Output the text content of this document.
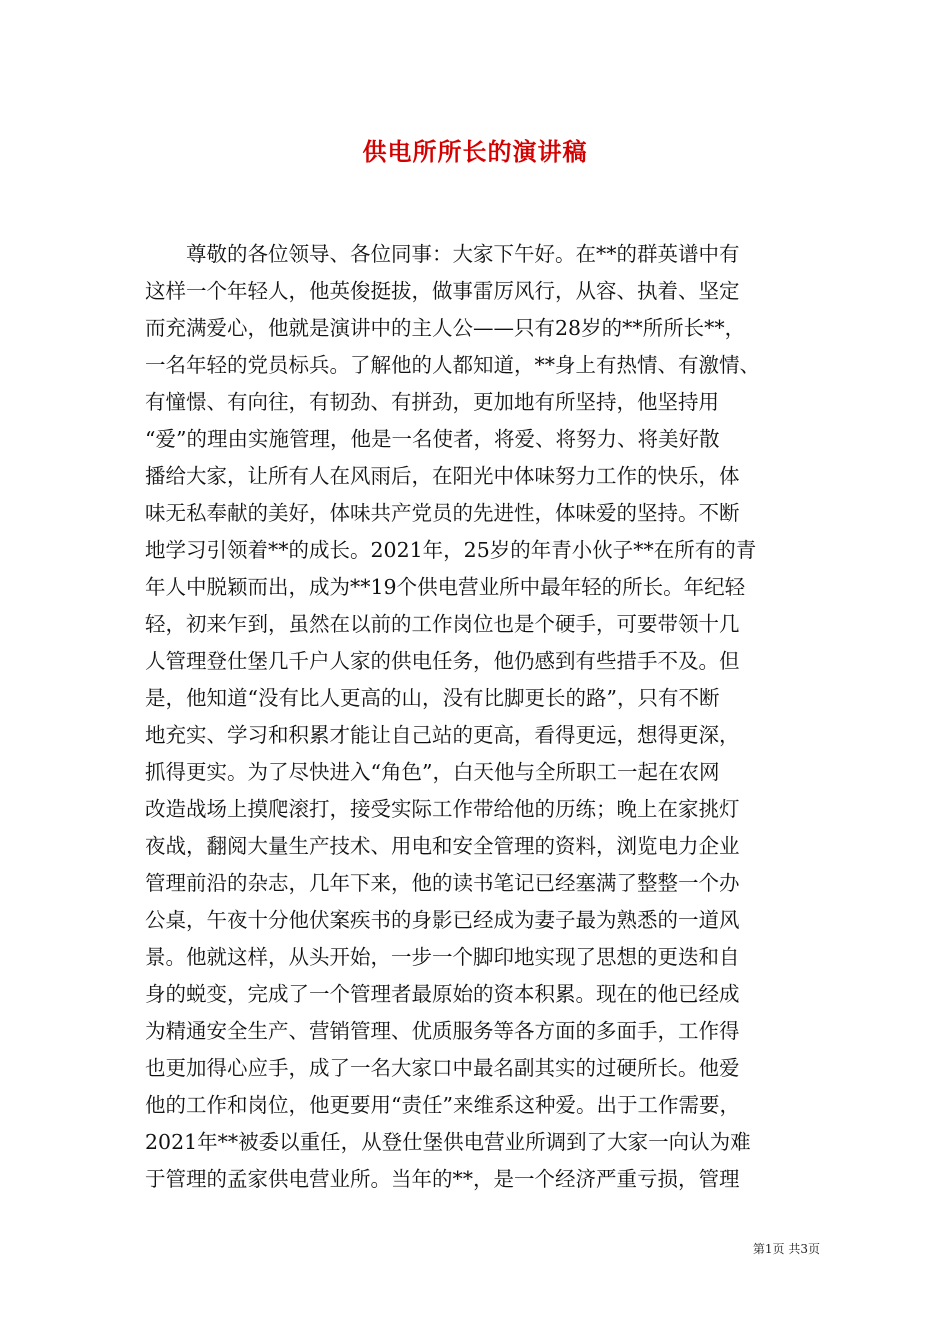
供电所所长的演讲稿
　　尊敬的各位领导、各位同事：大家下午好。在**的群英谱中有
这样一个年轻人，他英俊挺拔，做事雷厉风行，从容、执着、坚定
而充满爱心，他就是演讲中的主人公——只有28岁的**所所长**，
一名年轻的党员标兵。了解他的人都知道，**身上有热情、有激情、
有憧憬、有向往，有韧劲、有拼劲，更加地有所坚持，他坚持用
“爱”的理由实施管理，他是一名使者，将爱、将努力、将美好散
播给大家，让所有人在风雨后，在阳光中体味努力工作的快乐，体
味无私奉献的美好，体味共产党员的先进性，体味爱的坚持。不断
地学习引领着**的成长。2021年，25岁的年青小伙子**在所有的青
年人中脱颖而出，成为**19个供电营业所中最年轻的所长。年纪轻
轻，初来乍到，虽然在以前的工作岗位也是个硬手，可要带领十几
人管理登仕堡几千户人家的供电任务，他仍感到有些措手不及。但
是，他知道“没有比人更高的山，没有比脚更长的路”，只有不断
地充实、学习和积累才能让自己站的更高，看得更远，想得更深，
抓得更实。为了尽快进入“角色”，白天他与全所职工一起在农网
改造战场上摸爬滚打，接受实际工作带给他的历练；晚上在家挑灯
夜战，翻阅大量生产技术、用电和安全管理的资料，浏览电力企业
管理前沿的杂志，几年下来，他的读书笔记已经塞满了整整一个办
公桌，午夜十分他伏案疾书的身影已经成为妻子最为熟悉的一道风
景。他就这样，从头开始，一步一个脚印地实现了思想的更迭和自
身的蜕变，完成了一个管理者最原始的资本积累。现在的他已经成
为精通安全生产、营销管理、优质服务等各方面的多面手，工作得
也更加得心应手，成了一名大家口中最名副其实的过硬所长。他爱
他的工作和岗位，他更要用“责任”来维系这种爱。出于工作需要，
2021年**被委以重任，从登仕堡供电营业所调到了大家一向认为难
于管理的孟家供电营业所。当年的**，是一个经济严重亏损，管理
第1页 共3页
